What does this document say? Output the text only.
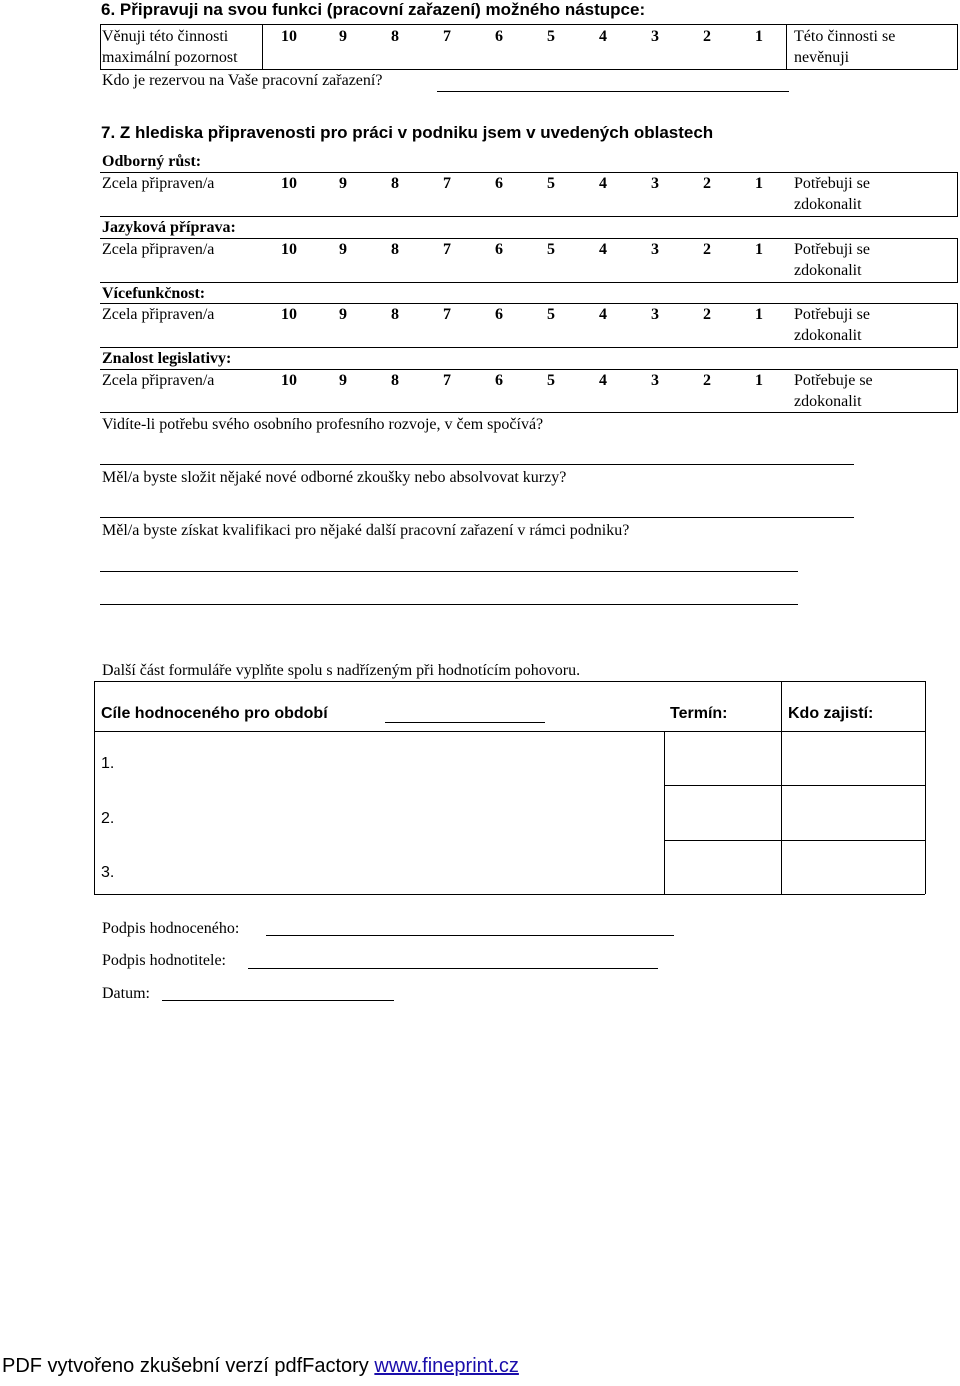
6. Připravuji na svou funkci (pracovní zařazení) možného nástupce:
Věnuji této činnosti
maximální pozornost
10	9	8	7	6	5	4	3	2	1	Této činnosti se
nevěnuji
Kdo je rezervou na Vaše pracovní zařazení?
7. Z hlediska připravenosti pro práci v podniku jsem v uvedených oblastech
Odborný růst:
Zcela připraven/a	10	9	8	7	6	5	4	3	2	1	Potřebuji se
zdokonalit
Jazyková příprava:
Zcela připraven/a	10	9	8	7	6	5	4	3	2	1	Potřebuji se
zdokonalit
Vícefunkčnost:
Zcela připraven/a	10	9	8	7	6	5	4	3	2	1	Potřebuji se
zdokonalit
Znalost legislativy:
Zcela připraven/a	10	9	8	7	6	5	4	3	2	1	Potřebuje se
zdokonalit
Vidíte-li potřebu svého osobního profesního rozvoje, v čem spočívá?
Měl/a byste složit nějaké nové odborné zkoušky nebo absolvovat kurzy?
Měl/a byste získat kvalifikaci pro nějaké další pracovní zařazení v rámci podniku?
Další část formuláře vyplňte spolu s nadřízeným při hodnotícím pohovoru.
Cíle hodnoceného pro období	Termín:	Kdo zajistí:
1.
2.
3.
Podpis hodnoceného:
Podpis hodnotitele:
Datum:
PDF vytvořeno zkušební verzí pdfFactory www.fineprint.cz
